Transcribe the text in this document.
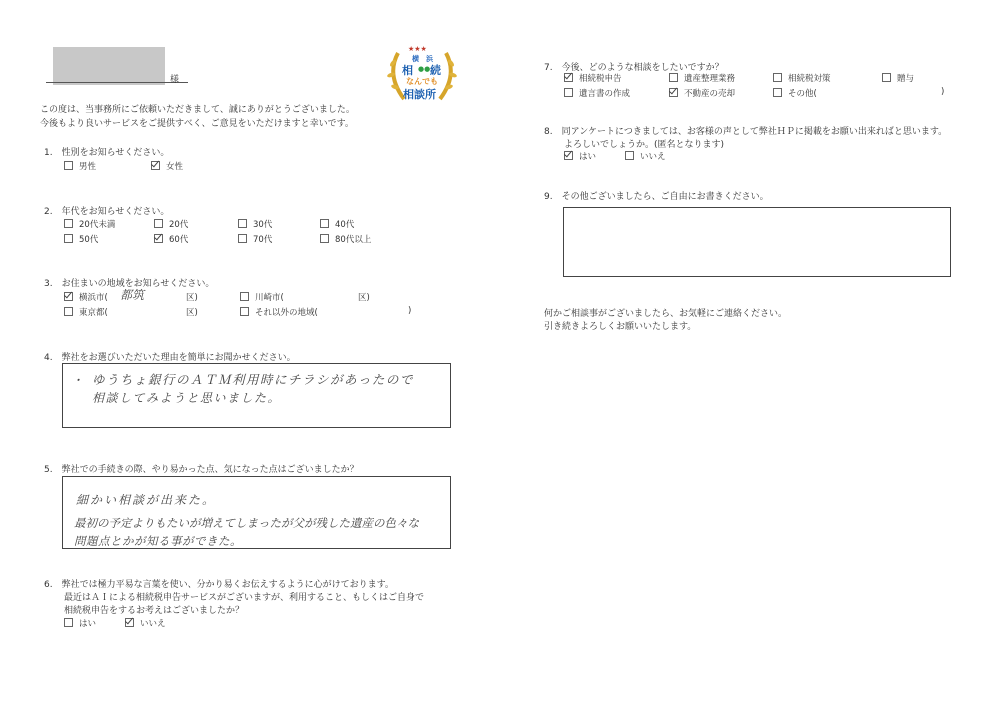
様
この度は、当事務所にご依頼いただきまして、誠にありがとうございました。
今後もより良いサービスをご提供すべく、ご意見をいただけますと幸いです。
★★★
横　浜
相 ●● 続
なんでも
相談所
1.　性別をお知らせください。
男性	女性
2.　年代をお知らせください。
20代未満	20代	30代	40代
50代	60代	70代	80代以上
3.　お住まいの地域をお知らせください。
横浜市( 都筑	区)	川崎市(	区)
東京都(	区)	それ以外の地域(	)
4.　弊社をお選びいただいた理由を簡単にお聞かせください。
・ ゆうちょ銀行のＡＴＭ利用時にチラシがあったので
相談してみようと思いました。
5.　弊社での手続きの際、やり易かった点、気になった点はございましたか？
細かい相談が出来た。
最初の予定よりもたいが増えてしまったが父が残した遺産の色々な
問題点とかが知る事ができた。
6.　弊社では極力平易な言葉を使い、分かり易くお伝えするように心がけております。
最近はＡＩによる相続税申告サービスがございますが、利用すること、もしくはご自身で
相続税申告をするお考えはございましたか？
はい	いいえ
7.　今後、どのような相談をしたいですか？
相続税申告	遺産整理業務	相続税対策	贈与
遺言書の作成	不動産の売却	その他(	)
8.　同アンケートにつきましては、お客様の声として弊社ＨＰに掲載をお願い出来ればと思います。
よろしいでしょうか。(匿名となります)
はい	いいえ
9.　その他ございましたら、ご自由にお書きください。
何かご相談事がございましたら、お気軽にご連絡ください。
引き続きよろしくお願いいたします。
